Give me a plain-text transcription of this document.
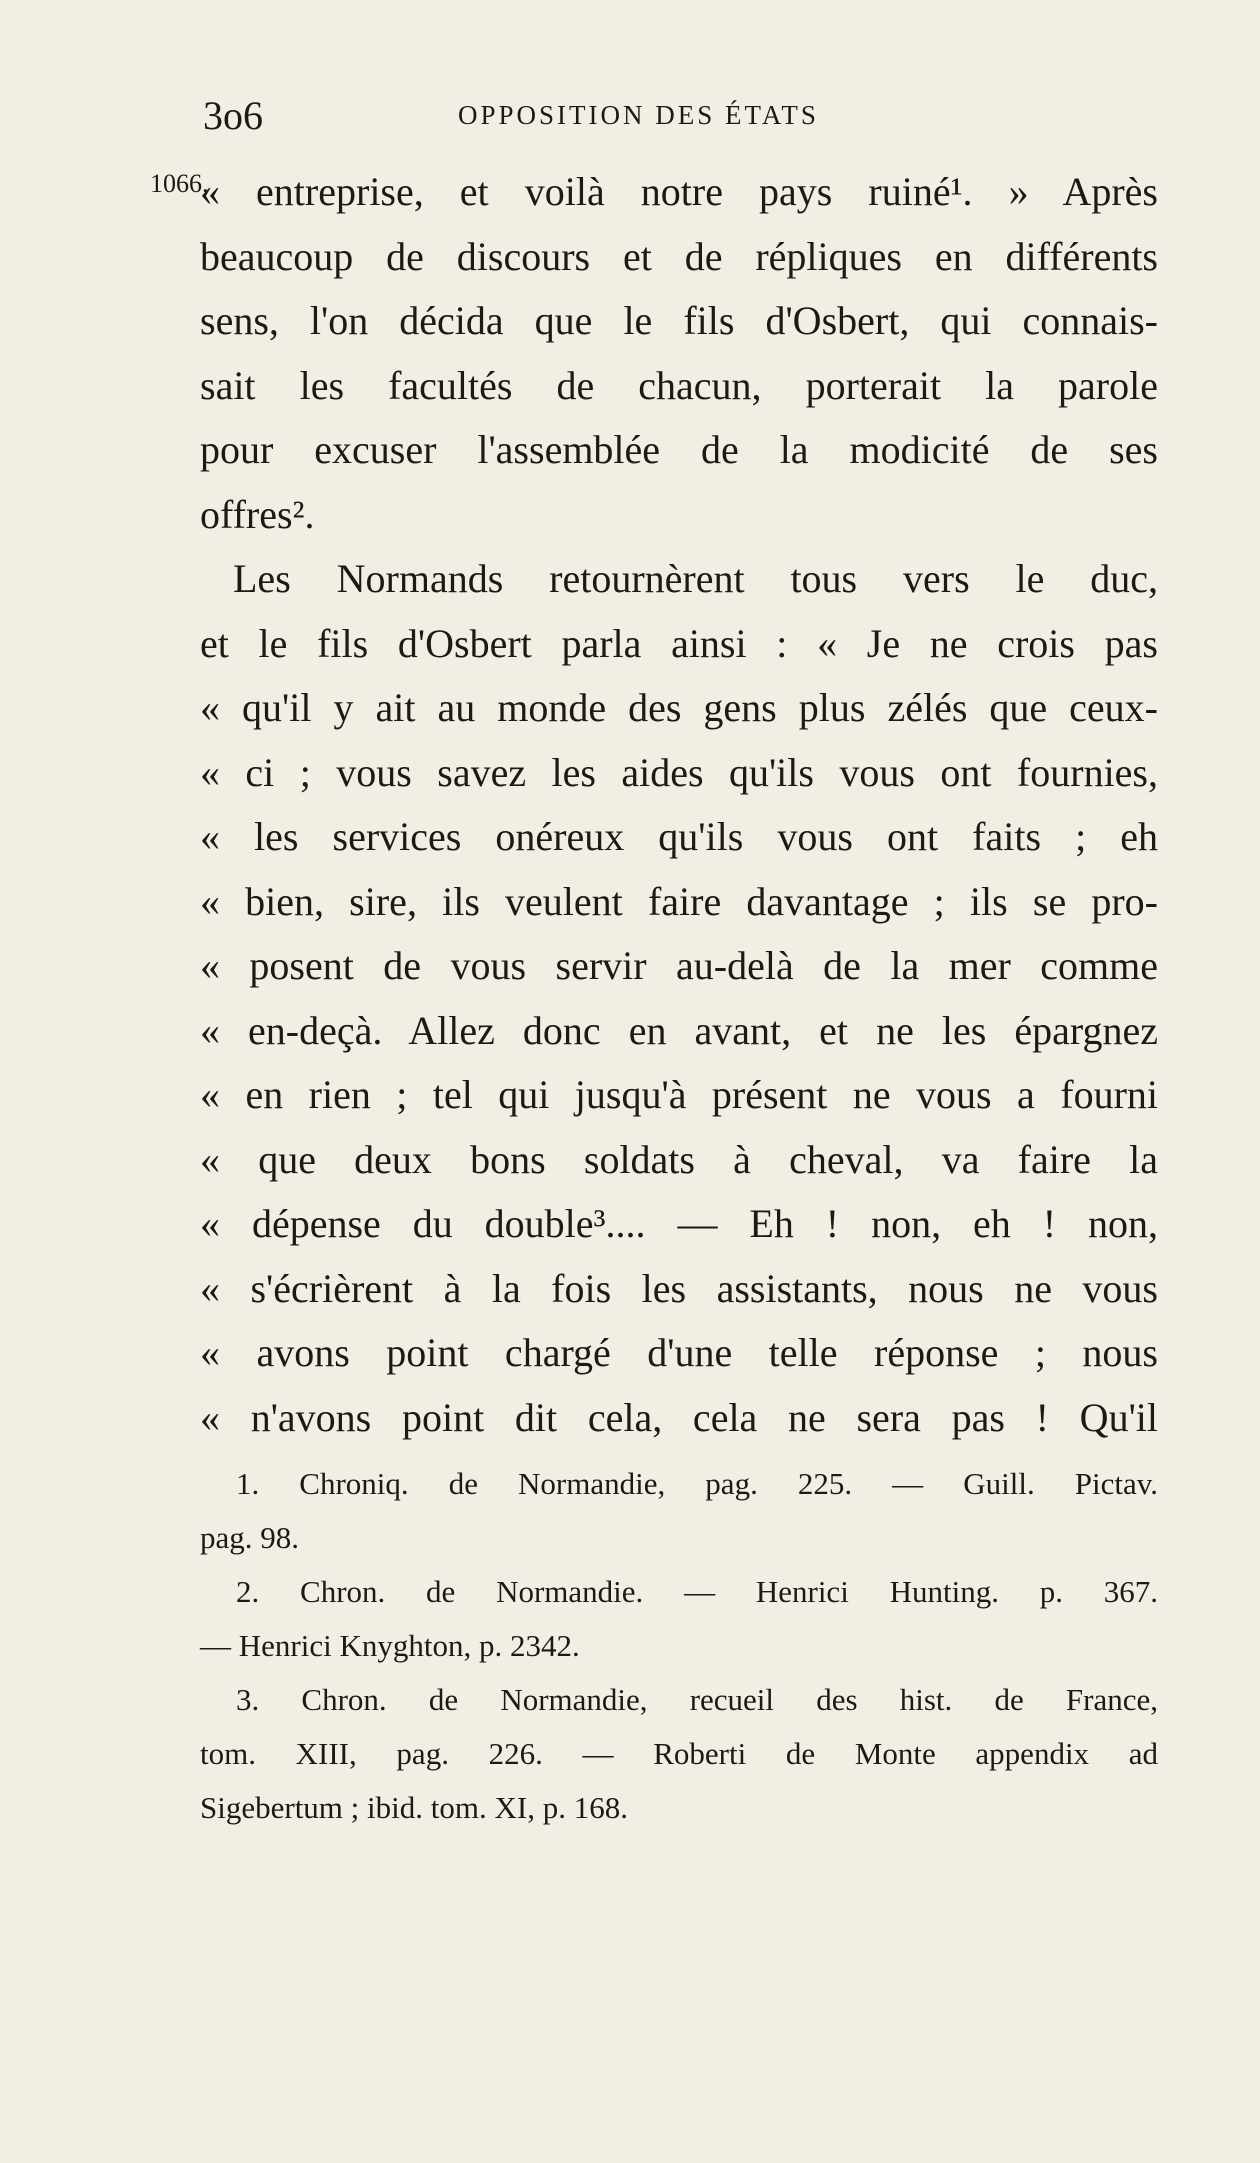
3o6	OPPOSITION DES ÉTATS
1066.
« entreprise, et voilà notre pays ruiné¹. » Après
beaucoup de discours et de répliques en différents
sens, l'on décida que le fils d'Osbert, qui connais-
sait les facultés de chacun, porterait la parole
pour excuser l'assemblée de la modicité de ses
offres².
Les Normands retournèrent tous vers le duc,
et le fils d'Osbert parla ainsi : « Je ne crois pas
« qu'il y ait au monde des gens plus zélés que ceux-
« ci ; vous savez les aides qu'ils vous ont fournies,
« les services onéreux qu'ils vous ont faits ; eh
« bien, sire, ils veulent faire davantage ; ils se pro-
« posent de vous servir au-delà de la mer comme
« en-deçà. Allez donc en avant, et ne les épargnez
« en rien ; tel qui jusqu'à présent ne vous a fourni
« que deux bons soldats à cheval, va faire la
« dépense du double³.... — Eh ! non, eh ! non,
« s'écrièrent à la fois les assistants, nous ne vous
« avons point chargé d'une telle réponse ; nous
« n'avons point dit cela, cela ne sera pas ! Qu'il
1. Chroniq. de Normandie, pag. 225. — Guill. Pictav.
pag. 98.
2. Chron. de Normandie. — Henrici Hunting. p. 367.
— Henrici Knyghton, p. 2342.
3. Chron. de Normandie, recueil des hist. de France,
tom. XIII, pag. 226. — Roberti de Monte appendix ad
Sigebertum ; ibid. tom. XI, p. 168.
